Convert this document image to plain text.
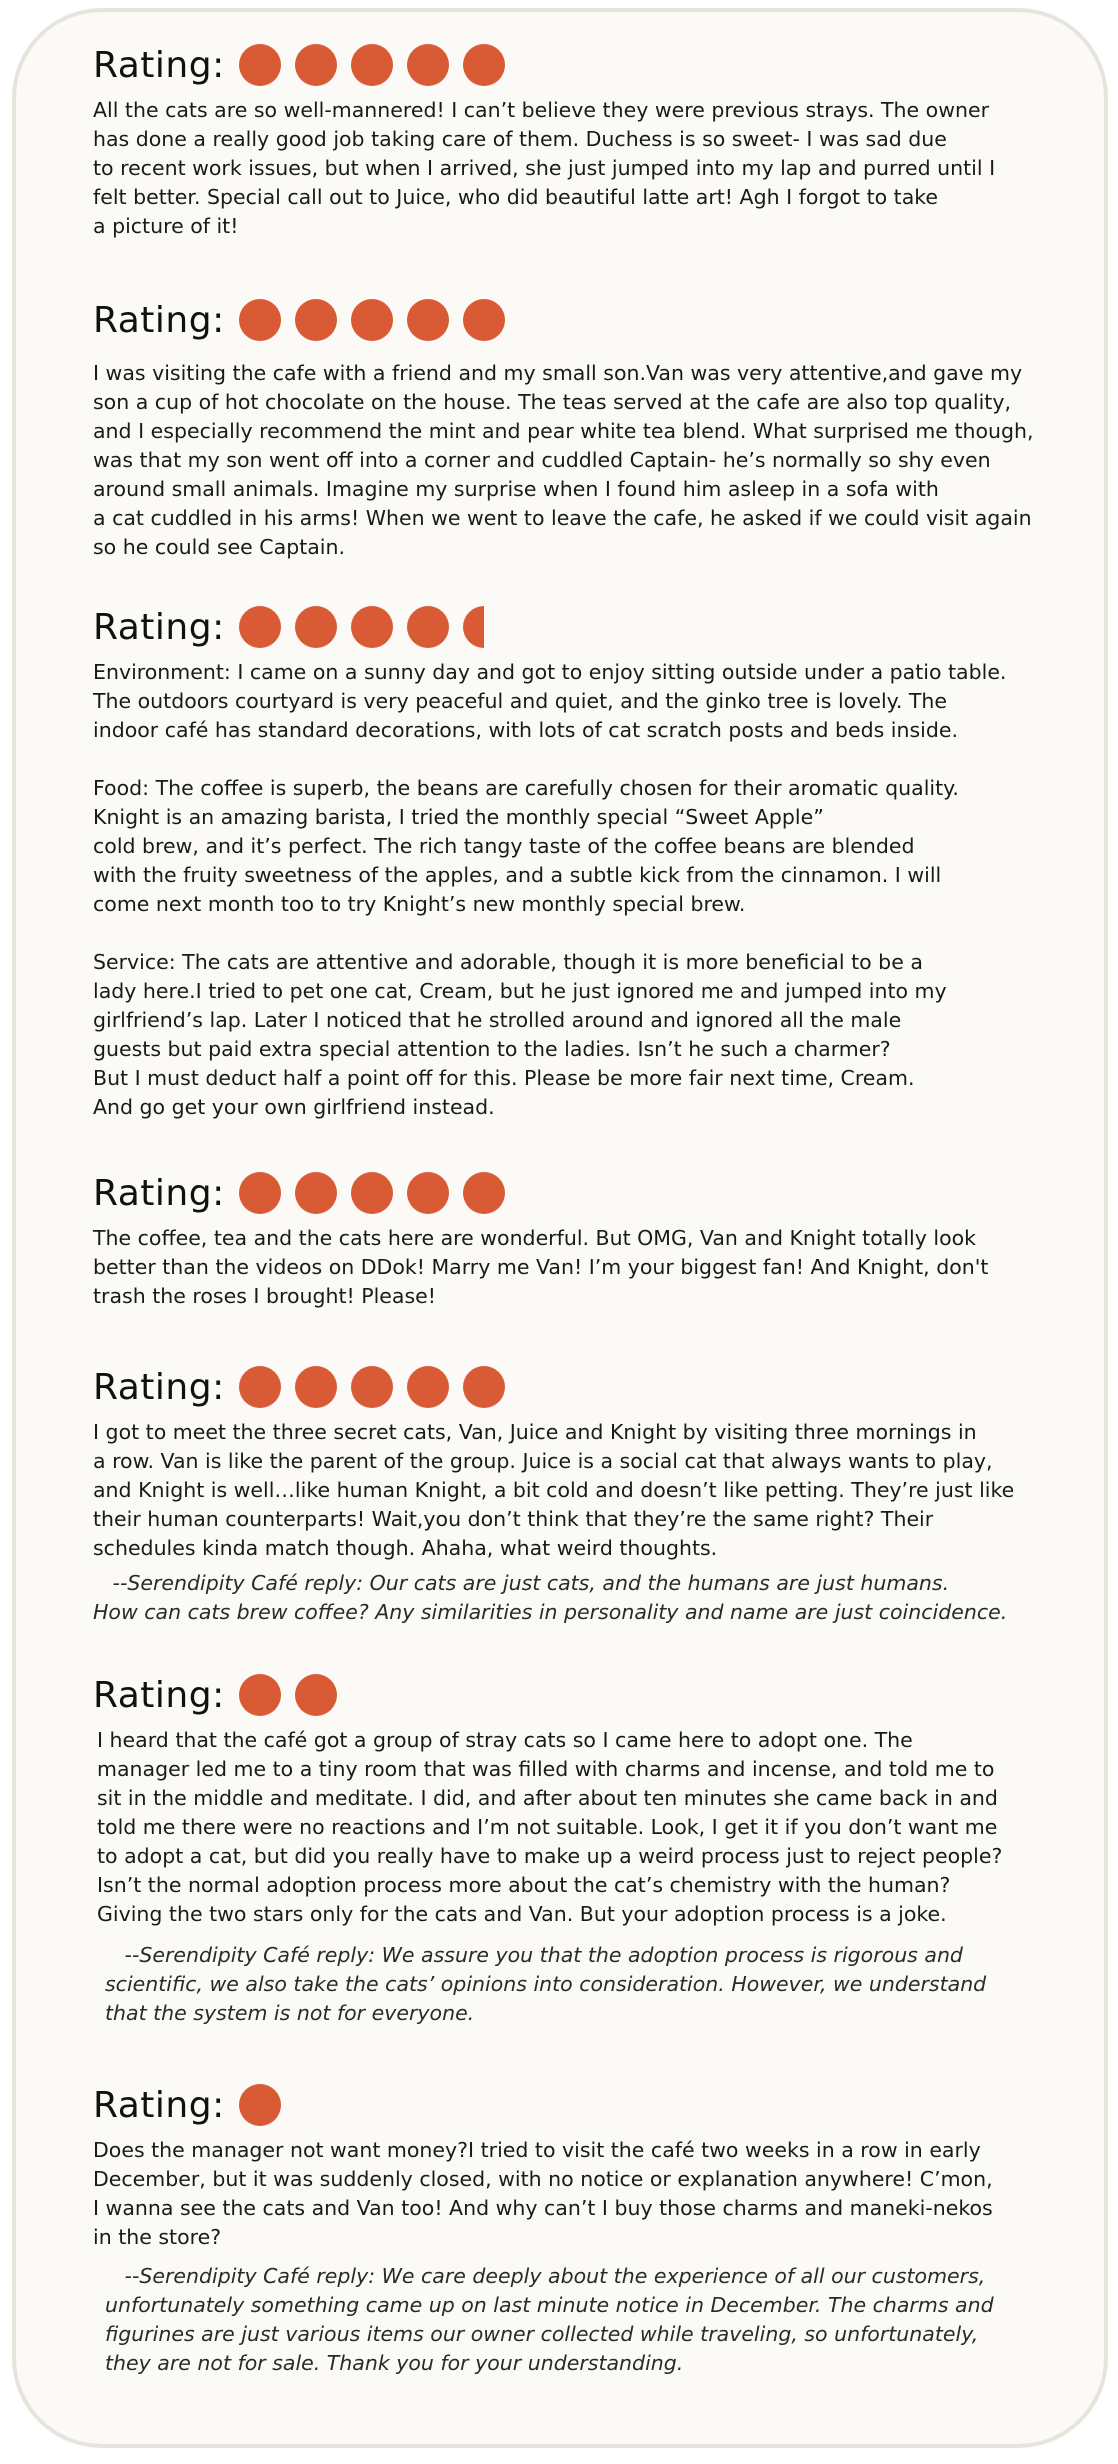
Rating:

All the cats are so well-mannered! I can’t believe they were previous strays. The owner

has done a really good job taking care of them. Duchess is so sweet- I was sad due

to recent work issues, but when I arrived, she just jumped into my lap and purred until I

felt better. Special call out to Juice, who did beautiful latte art! Agh I forgot to take

a picture of it!

Rating:

I was visiting the cafe with a friend and my small son.Van was very attentive,and gave my

son a cup of hot chocolate on the house. The teas served at the cafe are also top quality,

and I especially recommend the mint and pear white tea blend. What surprised me though,

was that my son went off into a corner and cuddled Captain- he’s normally so shy even

around small animals. Imagine my surprise when I found him asleep in a sofa with

a cat cuddled in his arms! When we went to leave the cafe, he asked if we could visit again

so he could see Captain.

Rating:

Environment: I came on a sunny day and got to enjoy sitting outside under a patio table.

The outdoors courtyard is very peaceful and quiet, and the ginko tree is lovely. The

indoor café has standard decorations, with lots of cat scratch posts and beds inside.

Food: The coffee is superb, the beans are carefully chosen for their aromatic quality.

Knight is an amazing barista, I tried the monthly special “Sweet Apple”

cold brew, and it’s perfect. The rich tangy taste of the coffee beans are blended

with the fruity sweetness of the apples, and a subtle kick from the cinnamon. I will

come next month too to try Knight’s new monthly special brew.

Service: The cats are attentive and adorable, though it is more beneficial to be a

lady here.I tried to pet one cat, Cream, but he just ignored me and jumped into my

girlfriend’s lap. Later I noticed that he strolled around and ignored all the male

guests but paid extra special attention to the ladies. Isn’t he such a charmer?

But I must deduct half a point off for this. Please be more fair next time, Cream.

And go get your own girlfriend instead.

Rating:

The coffee, tea and the cats here are wonderful. But OMG, Van and Knight totally look

better than the videos on DDok! Marry me Van! I’m your biggest fan! And Knight, don't

trash the roses I brought! Please!

Rating:

I got to meet the three secret cats, Van, Juice and Knight by visiting three mornings in

a row. Van is like the parent of the group. Juice is a social cat that always wants to play,

and Knight is well…like human Knight, a bit cold and doesn’t like petting. They’re just like

their human counterparts! Wait,you don’t think that they’re the same right? Their

schedules kinda match though. Ahaha, what weird thoughts.

--Serendipity Café reply: Our cats are just cats, and the humans are just humans.

How can cats brew coffee? Any similarities in personality and name are just coincidence.

Rating:

I heard that the café got a group of stray cats so I came here to adopt one. The

manager led me to a tiny room that was filled with charms and incense, and told me to

sit in the middle and meditate. I did, and after about ten minutes she came back in and

told me there were no reactions and I’m not suitable. Look, I get it if you don’t want me

to adopt a cat, but did you really have to make up a weird process just to reject people?

Isn’t the normal adoption process more about the cat’s chemistry with the human?

Giving the two stars only for the cats and Van. But your adoption process is a joke.

--Serendipity Café reply: We assure you that the adoption process is rigorous and

scientific, we also take the cats’ opinions into consideration. However, we understand

that the system is not for everyone.

Rating:

Does the manager not want money?I tried to visit the café two weeks in a row in early

December, but it was suddenly closed, with no notice or explanation anywhere! C’mon,

I wanna see the cats and Van too! And why can’t I buy those charms and maneki-nekos

in the store?

--Serendipity Café reply: We care deeply about the experience of all our customers,

unfortunately something came up on last minute notice in December. The charms and

figurines are just various items our owner collected while traveling, so unfortunately,

they are not for sale. Thank you for your understanding.
